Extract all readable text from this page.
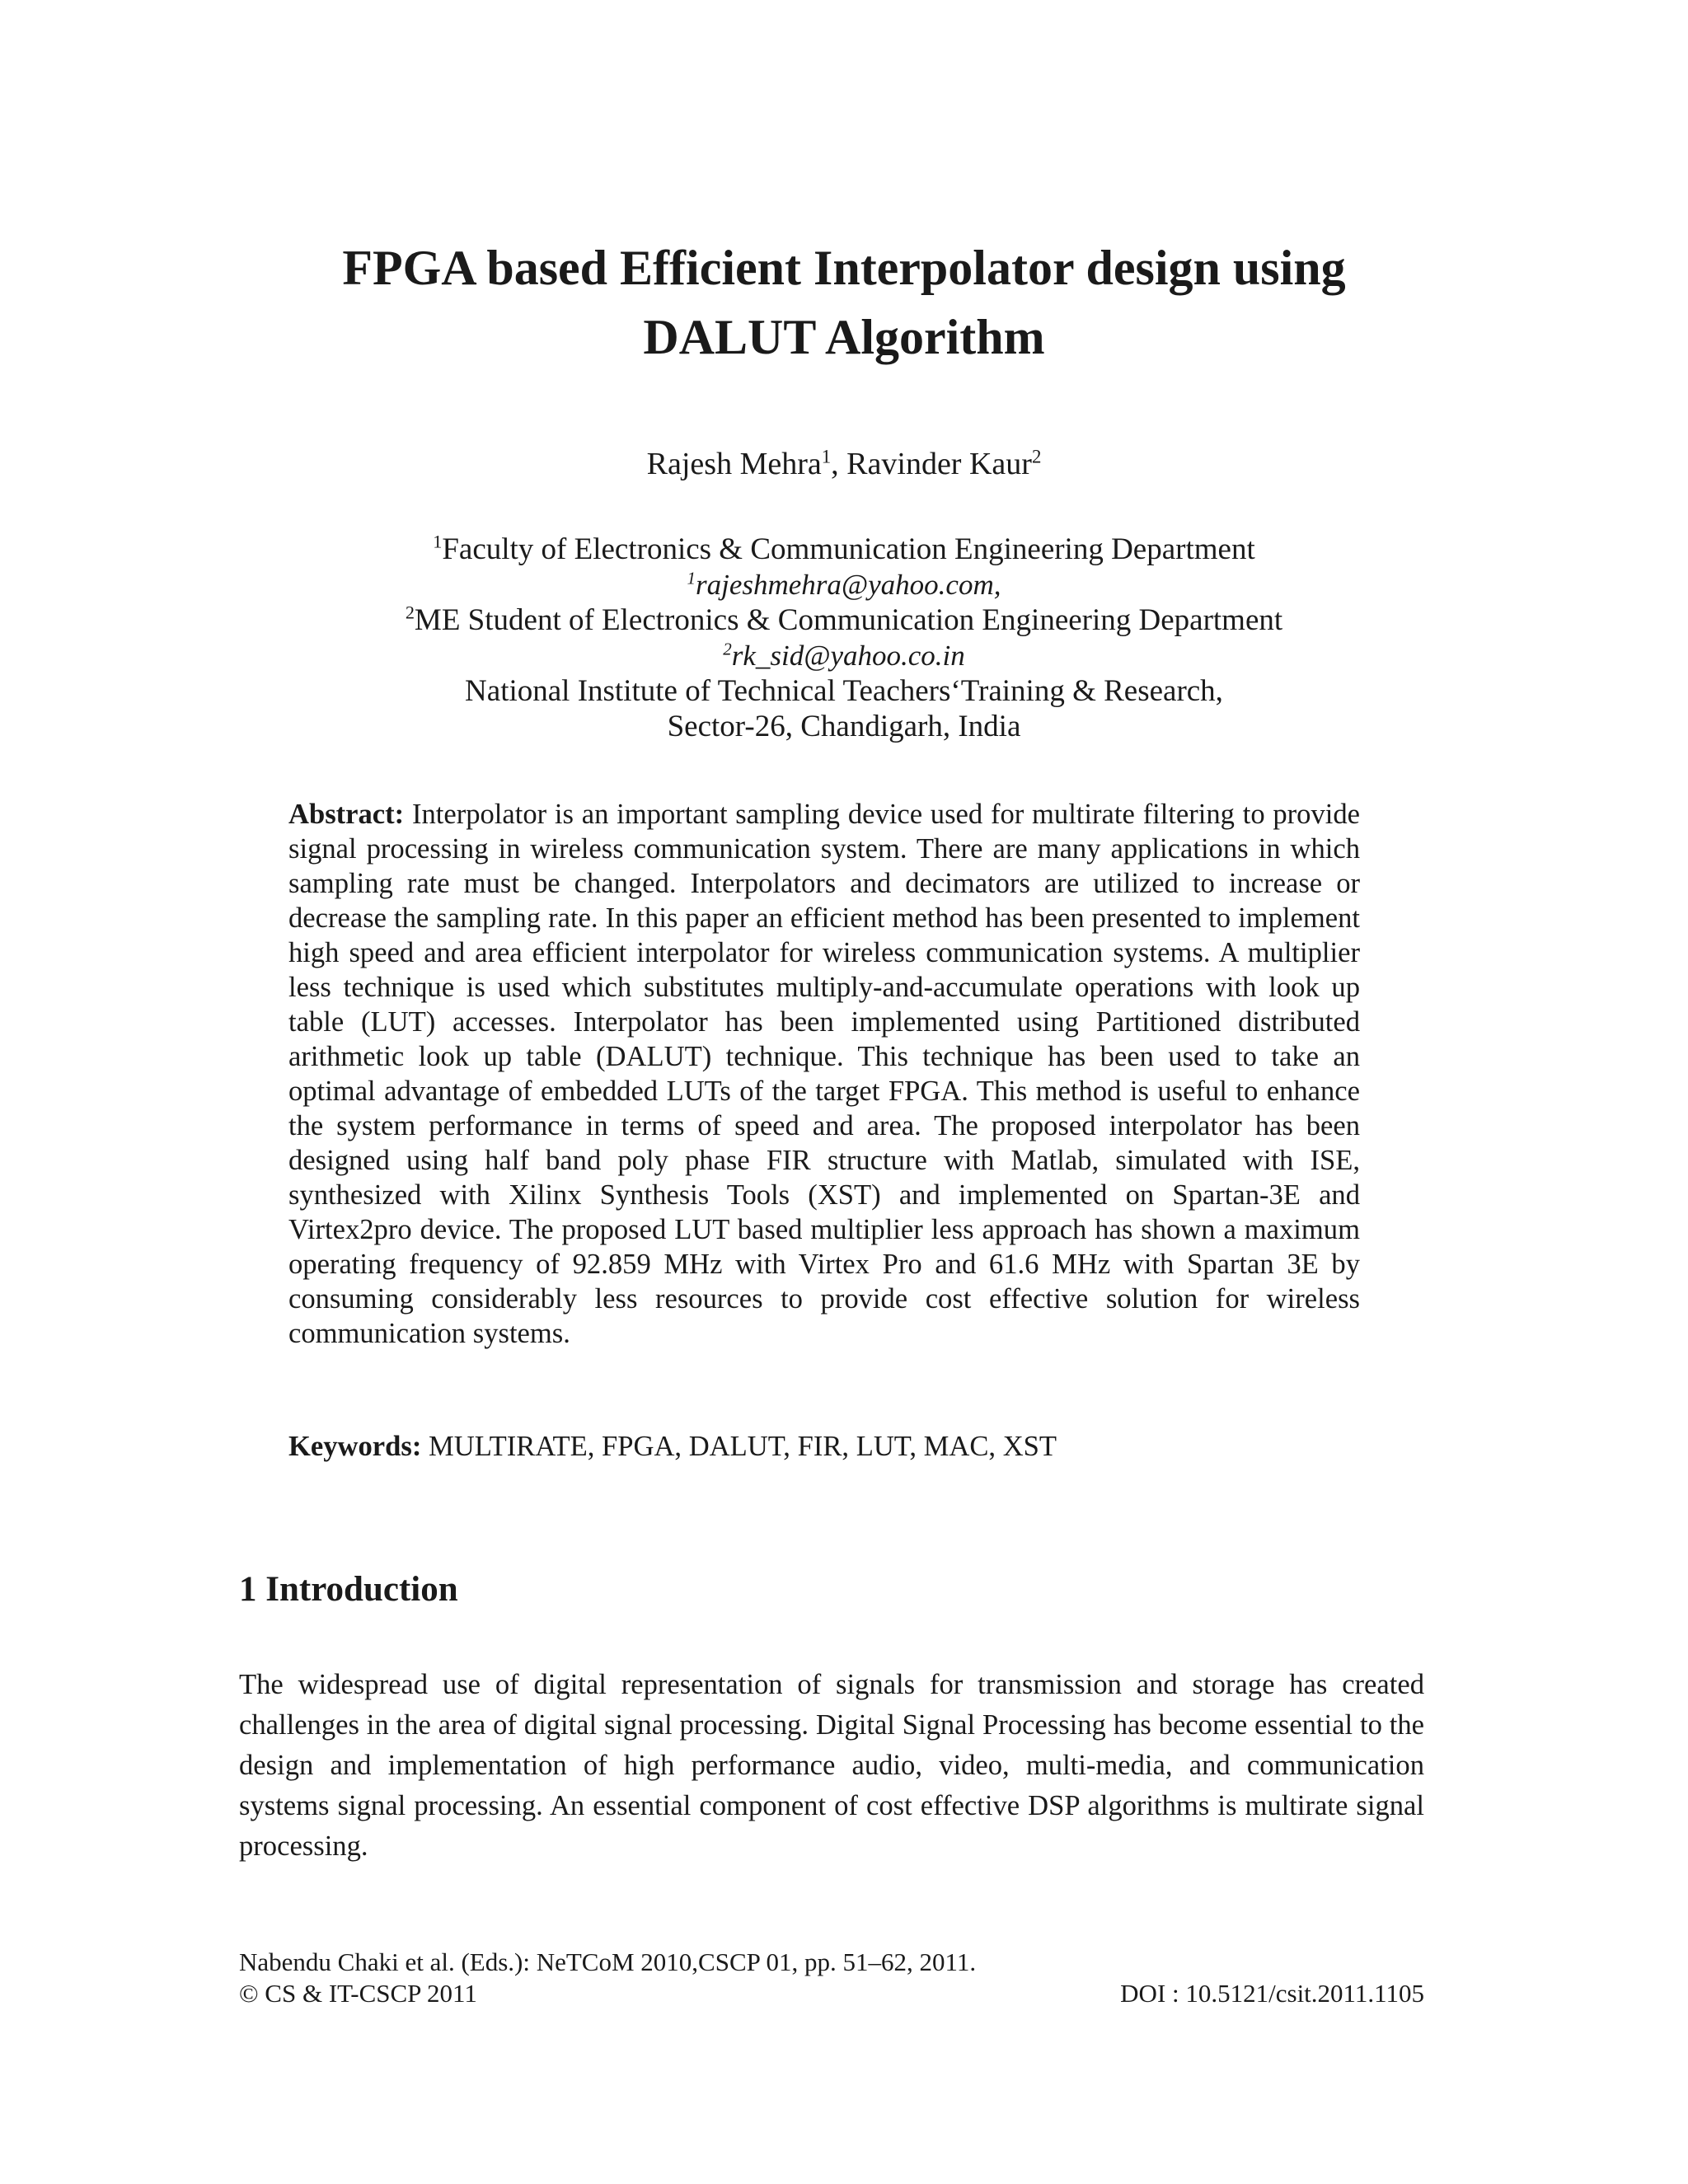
FPGA based Efficient Interpolator design using
DALUT Algorithm
Rajesh Mehra$^1$, Ravinder Kaur$^2$
$^1$Faculty of Electronics & Communication Engineering Department
$^1$rajeshmehra@yahoo.com,
$^2$ME Student of Electronics & Communication Engineering Department
$^2$rk_sid@yahoo.co.in
National Institute of Technical Teachers‘Training & Research,
Sector-26, Chandigarh, India

Abstract: Interpolator is an important sampling device used for multirate filtering to provide signal processing in wireless communication system. There are many applications in which sampling rate must be changed. Interpolators and decimators are utilized to increase or decrease the sampling rate. In this paper an efficient method has been presented to implement high speed and area efficient interpolator for wireless communication systems. A multiplier less technique is used which substitutes multiply-and-accumulate operations with look up table (LUT) accesses. Interpolator has been implemented using Partitioned distributed arithmetic look up table (DALUT) technique. This technique has been used to take an optimal advantage of embedded LUTs of the target FPGA. This method is useful to enhance the system performance in terms of speed and area. The proposed interpolator has been designed using half band poly phase FIR structure with Matlab, simulated with ISE, synthesized with Xilinx Synthesis Tools (XST) and implemented on Spartan-3E and Virtex2pro device. The proposed LUT based multiplier less approach has shown a maximum operating frequency of 92.859 MHz with Virtex Pro and 61.6 MHz with Spartan 3E by consuming considerably less resources to provide cost effective solution for wireless communication systems.

Keywords: MULTIRATE, FPGA, DALUT, FIR, LUT, MAC, XST

1 Introduction

The widespread use of digital representation of signals for transmission and storage has created challenges in the area of digital signal processing. Digital Signal Processing has become essential to the design and implementation of high performance audio, video, multi-media, and communication systems signal processing. An essential component of cost effective DSP algorithms is multirate signal processing.

Nabendu Chaki et al. (Eds.): NeTCoM 2010,CSCP 01, pp. 51–62, 2011.
© CS & IT-CSCP 2011	DOI : 10.5121/csit.2011.1105
